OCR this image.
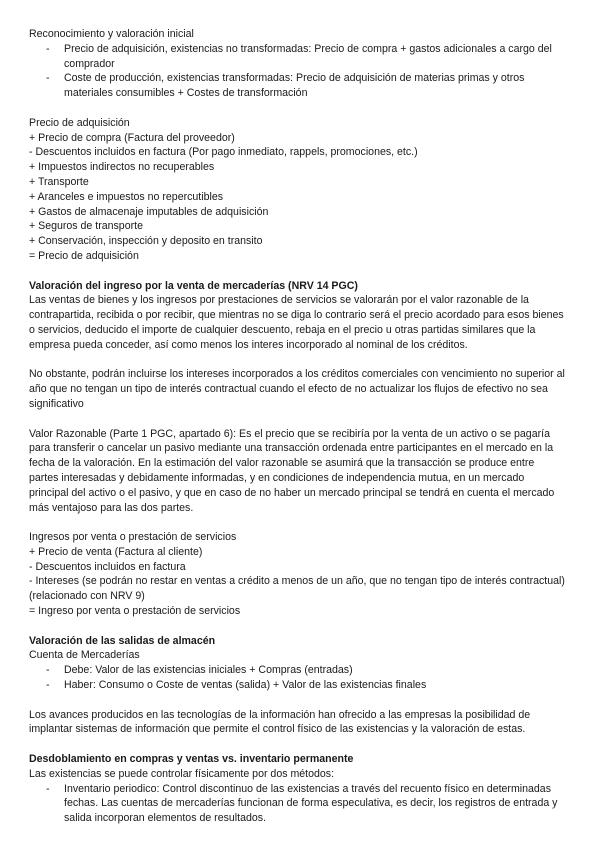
Reconocimiento y valoración inicial

- Precio de adquisición, existencias no transformadas: Precio de compra + gastos adicionales a cargo del comprador
- Coste de producción, existencias transformadas: Precio de adquisición de materias primas y otros materiales consumibles + Costes de transformación

Precio de adquisición

+ Precio de compra (Factura del proveedor)

- Descuentos incluidos en factura (Por pago inmediato, rappels, promociones, etc.)

+ Impuestos indirectos no recuperables

+ Transporte

+ Aranceles e impuestos no repercutibles

+ Gastos de almacenaje imputables de adquisición

+ Seguros de transporte

+ Conservación, inspección y deposito en transito

= Precio de adquisición

Valoración del ingreso por la venta de mercaderías (NRV 14 PGC)

Las ventas de bienes y los ingresos por prestaciones de servicios se valorarán por el valor razonable de la contrapartida, recibida o por recibir, que mientras no se diga lo contrario será el precio acordado para esos bienes o servicios, deducido el importe de cualquier descuento, rebaja en el precio u otras partidas similares que la empresa pueda conceder, así como menos los interes incorporado al nominal de los créditos.

No obstante, podrán incluirse los intereses incorporados a los créditos comerciales con vencimiento no superior al año que no tengan un tipo de interés contractual cuando el efecto de no actualizar los flujos de efectivo no sea significativo

Valor Razonable (Parte 1 PGC, apartado 6): Es el precio que se recibiría por la venta de un activo o se pagaría para transferir o cancelar un pasivo mediante una transacción ordenada entre participantes en el mercado en la fecha de la valoración. En la estimación del valor razonable se asumirá que la transacción se produce entre partes interesadas y debidamente informadas, y en condiciones de independencia mutua, en un mercado principal del activo o el pasivo, y que en caso de no haber un mercado principal se tendrá en cuenta el mercado más ventajoso para las dos partes.

Ingresos por venta o prestación de servicios

+ Precio de venta (Factura al cliente)

- Descuentos incluidos en factura

- Intereses (se podrán no restar en ventas a crédito a menos de un año, que no tengan tipo de interés contractual) (relacionado con NRV 9)

= Ingreso por venta o prestación de servicios

Valoración de las salidas de almacén

Cuenta de Mercaderías

- Debe: Valor de las existencias iniciales + Compras (entradas)
- Haber: Consumo o Coste de ventas (salida) + Valor de las existencias finales

Los avances producidos en las tecnologías de la información han ofrecido a las empresas la posibilidad de implantar sistemas de información que permite el control físico de las existencias y la valoración de estas.

Desdoblamiento en compras y ventas vs. inventario permanente

Las existencias se puede controlar físicamente por dos métodos:

- Inventario periodico: Control discontinuo de las existencias a través del recuento físico en determinadas fechas. Las cuentas de mercaderías funcionan de forma especulativa, es decir, los registros de entrada y salida incorporan elementos de resultados.
